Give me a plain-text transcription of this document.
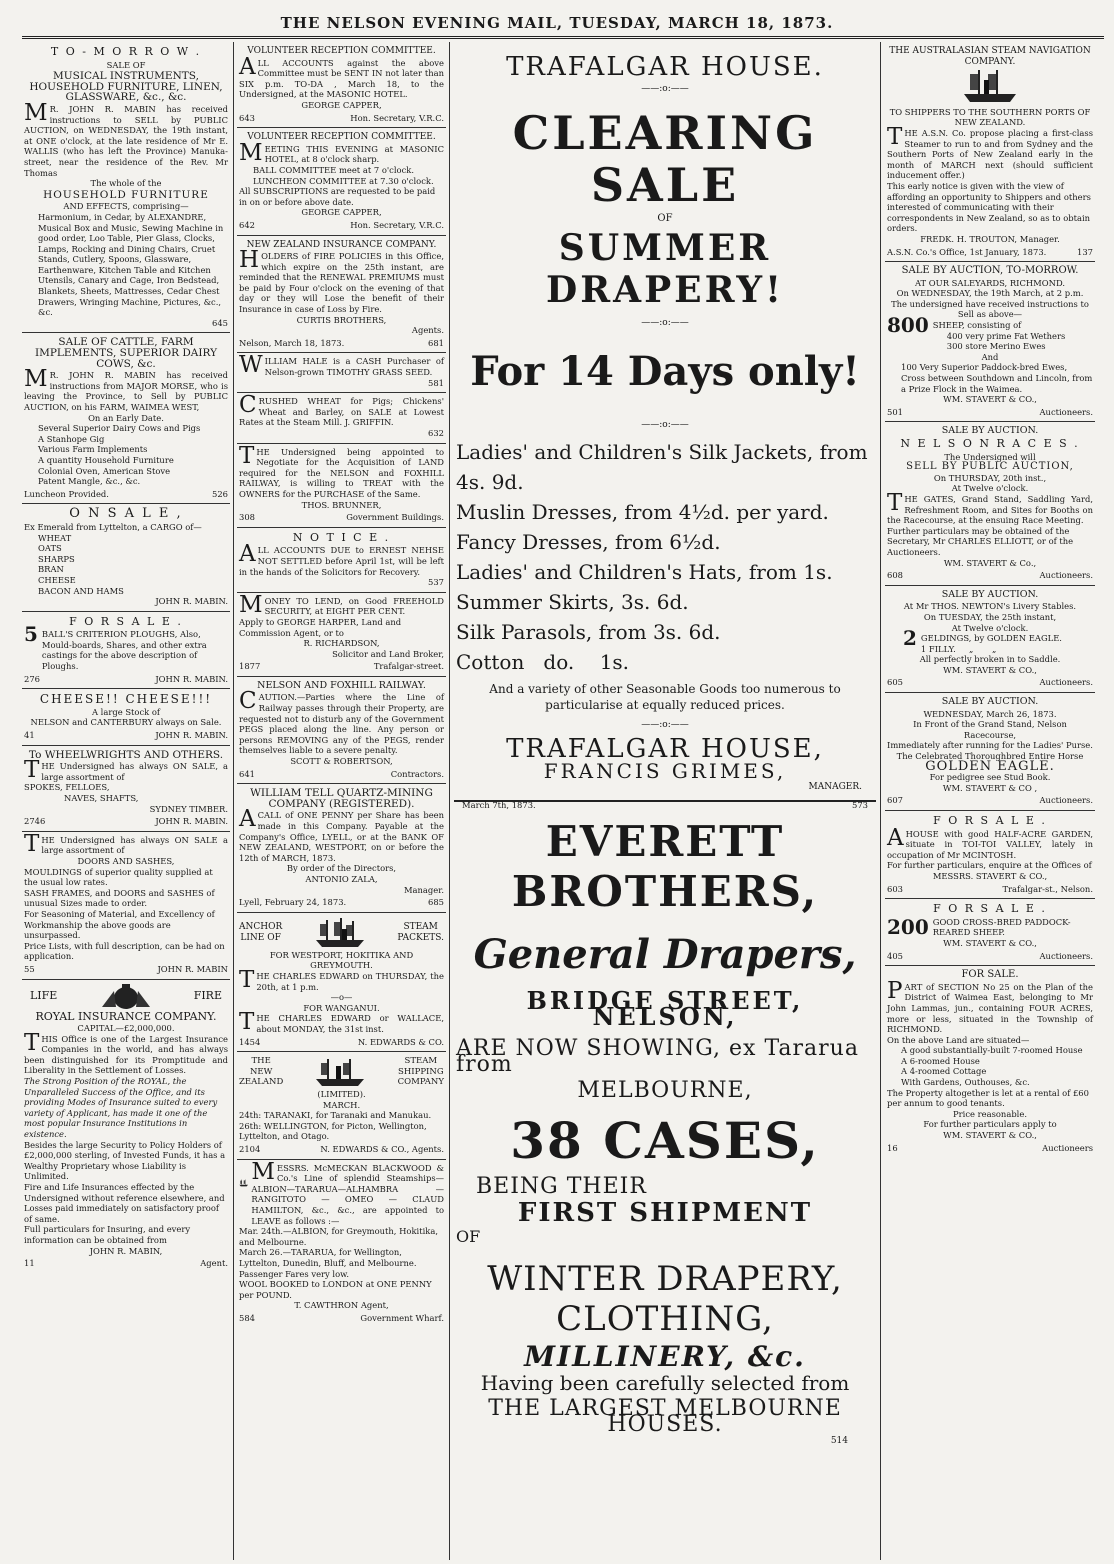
THE NELSON EVENING MAIL, TUESDAY, MARCH 18, 1873.
T O - M O R R O W .
SALE OF
MUSICAL INSTRUMENTS, HOUSEHOLD FURNITURE, LINEN, GLASSWARE, &c., &c.
MR. JOHN R. MABIN has received instructions to SELL by PUBLIC AUCTION, on WEDNESDAY, the 19th instant, at ONE o'clock, at the late residence of Mr E. WALLIS (who has left the Province) Manuka-street, near the residence of the Rev. Mr Thomas
The whole of the
HOUSEHOLD FURNITURE
AND EFFECTS, comprising—
Harmonium, in Cedar, by ALEXANDRE, Musical Box and Music, Sewing Machine in good order, Loo Table, Pier Glass, Clocks, Lamps, Rocking and Dining Chairs, Cruet Stands, Cutlery, Spoons, Glassware, Earthenware, Kitchen Table and Kitchen Utensils, Canary and Cage, Iron Bedstead, Blankets, Sheets, Mattresses, Cedar Chest Drawers, Wringing Machine, Pictures, &c., &c.
645
SALE OF CATTLE, FARM IMPLEMENTS, SUPERIOR DAIRY COWS, &c.
MR. JOHN R. MABIN has received instructions from MAJOR MORSE, who is leaving the Province, to Sell by PUBLIC AUCTION, on his FARM, WAIMEA WEST,
On an Early Date.
Several Superior Dairy Cows and Pigs
A Stanhope Gig
Various Farm Implements
A quantity Household Furniture
Colonial Oven, American Stove
Patent Mangle, &c., &c.
Luncheon Provided.	526
O N S A L E ,
Ex Emerald from Lyttelton, a CARGO of—
WHEAT
OATS
SHARPS
BRAN
CHEESE
BACON AND HAMS
JOHN R. MABIN.
F O R S A L E .
5 BALL'S CRITERION PLOUGHS, Also, Mould-boards, Shares, and other extra castings for the above description of Ploughs.
276	JOHN R. MABIN.
CHEESE!! CHEESE!!!
A large Stock of
NELSON and CANTERBURY always on Sale.
41	JOHN R. MABIN.
To WHEELWRIGHTS AND OTHERS.
THE Undersigned has always ON SALE, a large assortment of
SPOKES, FELLOES,
NAVES, SHAFTS,
SYDNEY TIMBER.
2746	JOHN R. MABIN.
THE Undersigned has always ON SALE a large assortment of
DOORS AND SASHES,
MOULDINGS of superior quality supplied at the usual low rates.
SASH FRAMES, and DOORS and SASHES of unusual Sizes made to order.
For Seasoning of Material, and Excellency of Workmanship the above goods are unsurpassed.
Price Lists, with full description, can be had on application.
55	JOHN R. MABIN
LIFE	FIRE
ROYAL INSURANCE COMPANY.
CAPITAL—£2,000,000.
THIS Office is one of the Largest Insurance Companies in the world, and has always been distinguished for its Promptitude and Liberality in the Settlement of Losses.
The Strong Position of the ROYAL, the Unparalleled Success of the Office, and its providing Modes of Insurance suited to every variety of Applicant, has made it one of the most popular Insurance Institutions in existence.
Besides the large Security to Policy Holders of £2,000,000 sterling, of Invested Funds, it has a Wealthy Proprietary whose Liability is Unlimited.
Fire and Life Insurances effected by the Undersigned without reference elsewhere, and Losses paid immediately on satisfactory proof of same.
Full particulars for Insuring, and every information can be obtained from
JOHN R. MABIN,
11	Agent.
VOLUNTEER RECEPTION COMMITTEE.
ALL ACCOUNTS against the above Committee must be SENT IN not later than SIX p.m. TO-DA , March 18, to the Undersigned, at the MASONIC HOTEL.
GEORGE CAPPER,
643	Hon. Secretary, V.R.C.
VOLUNTEER RECEPTION COMMITTEE.
MEETING THIS EVENING at MASONIC HOTEL, at 8 o'clock sharp.
BALL COMMITTEE meet at 7 o'clock.
LUNCHEON COMMITTEE at 7.30 o'clock.
All SUBSCRIPTIONS are requested to be paid in on or before above date.
GEORGE CAPPER,
642	Hon. Secretary, V.R.C.
NEW ZEALAND INSURANCE COMPANY.
HOLDERS of FIRE POLICIES in this Office, which expire on the 25th instant, are reminded that the RENEWAL PREMIUMS must be paid by Four o'clock on the evening of that day or they will Lose the benefit of their Insurance in case of Loss by Fire.
CURTIS BROTHERS,
Agents.
Nelson, March 18, 1873.	681
WILLIAM HALE is a CASH Purchaser of Nelson-grown TIMOTHY GRASS SEED.
581
CRUSHED WHEAT for Pigs; Chickens' Wheat and Barley, on SALE at Lowest Rates at the Steam Mill. J. GRIFFIN.
632
THE Undersigned being appointed to Negotiate for the Acquisition of LAND required for the NELSON and FOXHILL RAILWAY, is willing to TREAT with the OWNERS for the PURCHASE of the Same.
THOS. BRUNNER,
308	Government Buildings.
N O T I C E .
ALL ACCOUNTS DUE to ERNEST NEHSE NOT SETTLED before April 1st, will be left in the hands of the Solicitors for Recovery.
537
MONEY TO LEND, on Good FREEHOLD SECURITY, at EIGHT PER CENT.
Apply to GEORGE HARPER, Land and Commission Agent, or to
R. RICHARDSON,
Solicitor and Land Broker,
1877	Trafalgar-street.
NELSON AND FOXHILL RAILWAY.
CAUTION.—Parties where the Line of Railway passes through their Property, are requested not to disturb any of the Government PEGS placed along the line. Any person or persons REMOVING any of the PEGS, render themselves liable to a severe penalty.
SCOTT & ROBERTSON,
641	Contractors.
WILLIAM TELL QUARTZ-MINING COMPANY (REGISTERED).
ACALL of ONE PENNY per Share has been made in this Company. Payable at the Company's Office, LYELL, or at the BANK OF NEW ZEALAND, WESTPORT, on or before the 12th of MARCH, 1873.
By order of the Directors,
ANTONIO ZALA,
Manager.
Lyell, February 24, 1873.	685
ANCHOR
LINE OF
STEAM
PACKETS.
FOR WESTPORT, HOKITIKA AND GREYMOUTH.
THE CHARLES EDWARD on THURSDAY, the 20th, at 1 p.m.
—o—
FOR WANGANUI.
THE CHARLES EDWARD or WALLACE, about MONDAY, the 31st inst.
1454	N. EDWARDS & CO.
THE
NEW
ZEALAND
STEAM
SHIPPING
COMPANY
(LIMITED).
MARCH.
24th: TARANAKI, for Taranaki and Manukau.
26th: WELLINGTON, for Picton, Wellington, Lyttelton, and Otago.
2104	N. EDWARDS & CO., Agents.
MESSRS. McMECKAN BLACKWOOD & Co.'s Line of splendid Steamships—ALBION—TARARUA—ALHAMBRA — RANGITOTO — OMEO — CLAUD HAMILTON, &c., &c., are appointed to LEAVE as follows :—
Mar. 24th.—ALBION, for Greymouth, Hokitika, and Melbourne.
March 26.—TARARUA, for Wellington, Lyttelton, Dunedin, Bluff, and Melbourne.
Passenger Fares very low.
WOOL BOOKED to LONDON at ONE PENNY per POUND.
T. CAWTHRON Agent,
584	Government Wharf.
TRAFALGAR HOUSE.
——:o:——
CLEARING SALE
OF
SUMMER DRAPERY!
——:o:——
For 14 Days only!
——:o:——
Ladies' and Children's Silk Jackets, from 4s. 9d.
Muslin Dresses, from 4½d. per yard.
Fancy Dresses, from 6½d.
Ladies' and Children's Hats, from 1s.
Summer Skirts, 3s. 6d.
Silk Parasols, from 3s. 6d.
Cotton   do.    1s.
And a variety of other Seasonable Goods too numerous to particularise at equally reduced prices.
——:o:——
TRAFALGAR HOUSE,
FRANCIS GRIMES,
MANAGER.
March 7th, 1873.	573
EVERETT BROTHERS,
General Drapers,
BRIDGE STREET, NELSON,
ARE NOW SHOWING, ex Tararua from
MELBOURNE,
38 CASES,
BEING THEIR
FIRST SHIPMENT
OF
WINTER DRAPERY, CLOTHING,
MILLINERY, &c.
Having been carefully selected from
THE LARGEST MELBOURNE HOUSES.
514
THE AUSTRALASIAN STEAM NAVIGATION COMPANY.
TO SHIPPERS TO THE SOUTHERN PORTS OF NEW ZEALAND.
THE A.S.N. Co. propose placing a first-class Steamer to run to and from Sydney and the Southern Ports of New Zealand early in the month of MARCH next (should sufficient inducement offer.)
This early notice is given with the view of affording an opportunity to Shippers and others interested of communicating with their correspondents in New Zealand, so as to obtain orders.
FREDK. H. TROUTON, Manager.
A.S.N. Co.'s Office, 1st January, 1873.	137
SALE BY AUCTION, TO-MORROW.
AT OUR SALEYARDS, RICHMOND.
On WEDNESDAY, the 19th March, at 2 p.m.
The undersigned have received instructions to Sell as above—
800 SHEEP, consisting of
400 very prime Fat Wethers
300 store Merino Ewes
And
100 Very Superior Paddock-bred Ewes, Cross between Southdown and Lincoln, from a Prize Flock in the Waimea.
WM. STAVERT & CO.,
501	Auctioneers.
SALE BY AUCTION.
N E L S O N R A C E S .
The Undersigned will
SELL BY PUBLIC AUCTION,
On THURSDAY, 20th inst.,
At Twelve o'clock.
THE GATES, Grand Stand, Saddling Yard, Refreshment Room, and Sites for Booths on the Racecourse, at the ensuing Race Meeting.
Further particulars may be obtained of the Secretary, Mr CHARLES ELLIOTT, or of the Auctioneers.
WM. STAVERT & Co.,
608	Auctioneers.
SALE BY AUCTION.
At Mr THOS. NEWTON's Livery Stables.
On TUESDAY, the 25th instant,
At Twelve o'clock.
2 GELDINGS, by GOLDEN EAGLE.
1 FILLY.     „       „
All perfectly broken in to Saddle.
WM. STAVERT & CO.,
605	Auctioneers.
SALE BY AUCTION.
WEDNESDAY, March 26, 1873.
In Front of the Grand Stand, Nelson Racecourse,
Immediately after running for the Ladies' Purse.
The Celebrated Thoroughbred Entire Horse
GOLDEN EAGLE.
For pedigree see Stud Book.
WM. STAVERT & CO ,
607	Auctioneers.
F O R S A L E .
AHOUSE with good HALF-ACRE GARDEN, situate in TOI-TOI VALLEY, lately in occupation of Mr MCINTOSH.
For further particulars, enquire at the Offices of
MESSRS. STAVERT & CO.,
603	Trafalgar-st., Nelson.
F O R S A L E .
200 GOOD CROSS-BRED PADDOCK-REARED SHEEP.
WM. STAVERT & CO.,
405	Auctioneers.
FOR SALE.
PART of SECTION No 25 on the Plan of the District of Waimea East, belonging to Mr John Lammas, jun., containing FOUR ACRES, more or less, situated in the Township of RICHMOND.
On the above Land are situated—
A good substantially-built 7-roomed House
A 6-roomed House
A 4-roomed Cottage
With Gardens, Outhouses, &c.
The Property altogether is let at a rental of £60 per annum to good tenants.
Price reasonable.
For further particulars apply to
WM. STAVERT & CO.,
16	Auctioneers
